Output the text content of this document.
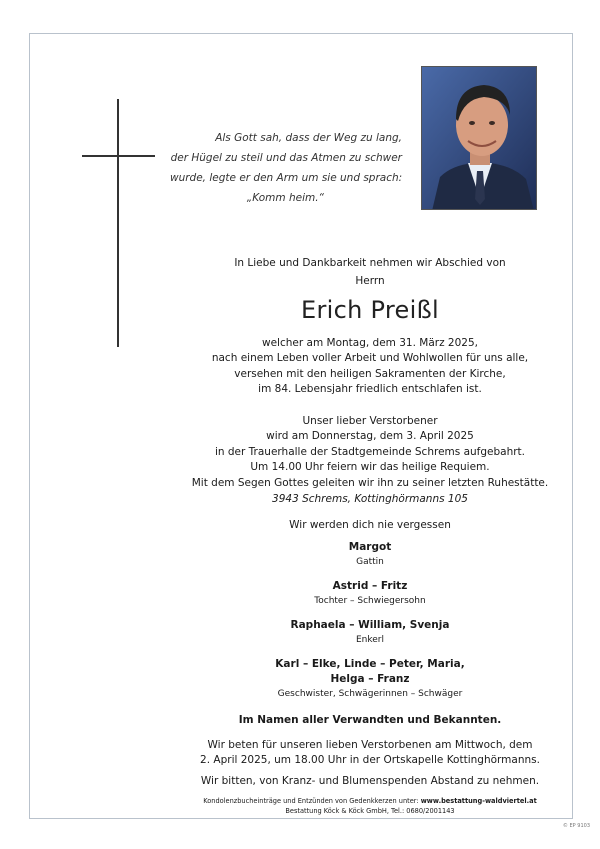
Als Gott sah, dass der Weg zu lang,
der Hügel zu steil und das Atmen zu schwer
wurde, legte er den Arm um sie und sprach:
„Komm heim.“
In Liebe und Dankbarkeit nehmen wir Abschied von
Herrn
Erich Preißl
welcher am Montag, dem 31. März 2025,
nach einem Leben voller Arbeit und Wohlwollen für uns alle,
versehen mit den heiligen Sakramenten der Kirche,
im 84. Lebensjahr friedlich entschlafen ist.
Unser lieber Verstorbener
wird am Donnerstag, dem 3. April 2025
in der Trauerhalle der Stadtgemeinde Schrems aufgebahrt.
Um 14.00 Uhr feiern wir das heilige Requiem.
Mit dem Segen Gottes geleiten wir ihn zu seiner letzten Ruhestätte.
3943 Schrems, Kottinghörmanns 105
Wir werden dich nie vergessen
Margot
Gattin
Astrid – Fritz
Tochter – Schwiegersohn
Raphaela – William, Svenja
Enkerl
Karl – Elke, Linde – Peter, Maria,
Helga – Franz
Geschwister, Schwägerinnen – Schwäger
Im Namen aller Verwandten und Bekannten.
Wir beten für unseren lieben Verstorbenen am Mittwoch, dem
2. April 2025, um 18.00 Uhr in der Ortskapelle Kottinghörmanns.
Wir bitten, von Kranz- und Blumenspenden Abstand zu nehmen.
Kondolenzbucheinträge und Entzünden von Gedenkkerzen unter: www.bestattung-waldviertel.at
Bestattung Köck & Köck GmbH, Tel.: 0680/2001143
© EP 9103
